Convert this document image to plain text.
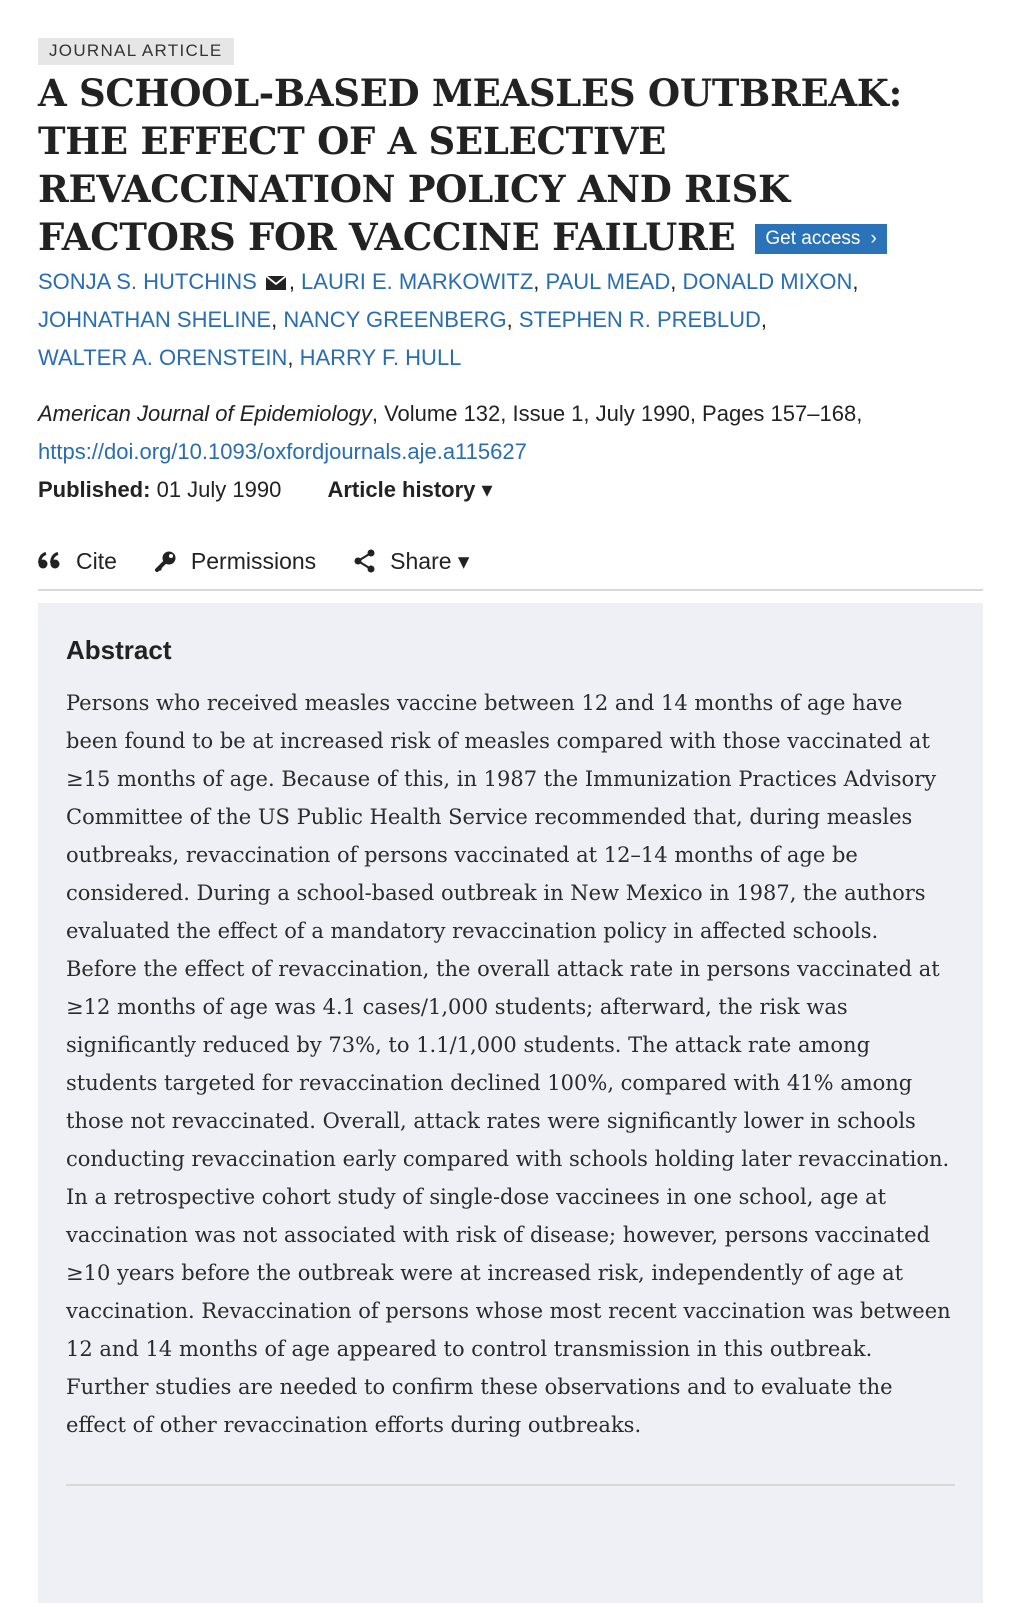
JOURNAL ARTICLE
A SCHOOL-BASED MEASLES OUTBREAK: THE EFFECT OF A SELECTIVE REVACCINATION POLICY AND RISK FACTORS FOR VACCINE FAILURE Get access ›
SONJA S. HUTCHINS , LAURI E. MARKOWITZ, PAUL MEAD, DONALD MIXON,
JOHNATHAN SHELINE, NANCY GREENBERG, STEPHEN R. PREBLUD,
WALTER A. ORENSTEIN, HARRY F. HULL
American Journal of Epidemiology, Volume 132, Issue 1, July 1990, Pages 157–168,
https://doi.org/10.1093/oxfordjournals.aje.a115627
Published: 01 July 1990 Article history ▾
Cite	Permissions	Share ▾
Abstract

Persons who received measles vaccine between 12 and 14 months of age have been found to be at increased risk of measles compared with those vaccinated at ≥15 months of age. Because of this, in 1987 the Immunization Practices Advisory Committee of the US Public Health Service recommended that, during measles outbreaks, revaccination of persons vaccinated at 12–14 months of age be considered. During a school-based outbreak in New Mexico in 1987, the authors evaluated the effect of a mandatory revaccination policy in affected schools. Before the effect of revaccination, the overall attack rate in persons vaccinated at ≥12 months of age was 4.1 cases/1,000 students; afterward, the risk was significantly reduced by 73%, to 1.1/1,000 students. The attack rate among students targeted for revaccination declined 100%, compared with 41% among those not revaccinated. Overall, attack rates were significantly lower in schools conducting revaccination early compared with schools holding later revaccination. In a retrospective cohort study of single-dose vaccinees in one school, age at vaccination was not associated with risk of disease; however, persons vaccinated ≥10 years before the outbreak were at increased risk, independently of age at vaccination. Revaccination of persons whose most recent vaccination was between 12 and 14 months of age appeared to control transmission in this outbreak. Further studies are needed to confirm these observations and to evaluate the effect of other revaccination efforts during outbreaks.
